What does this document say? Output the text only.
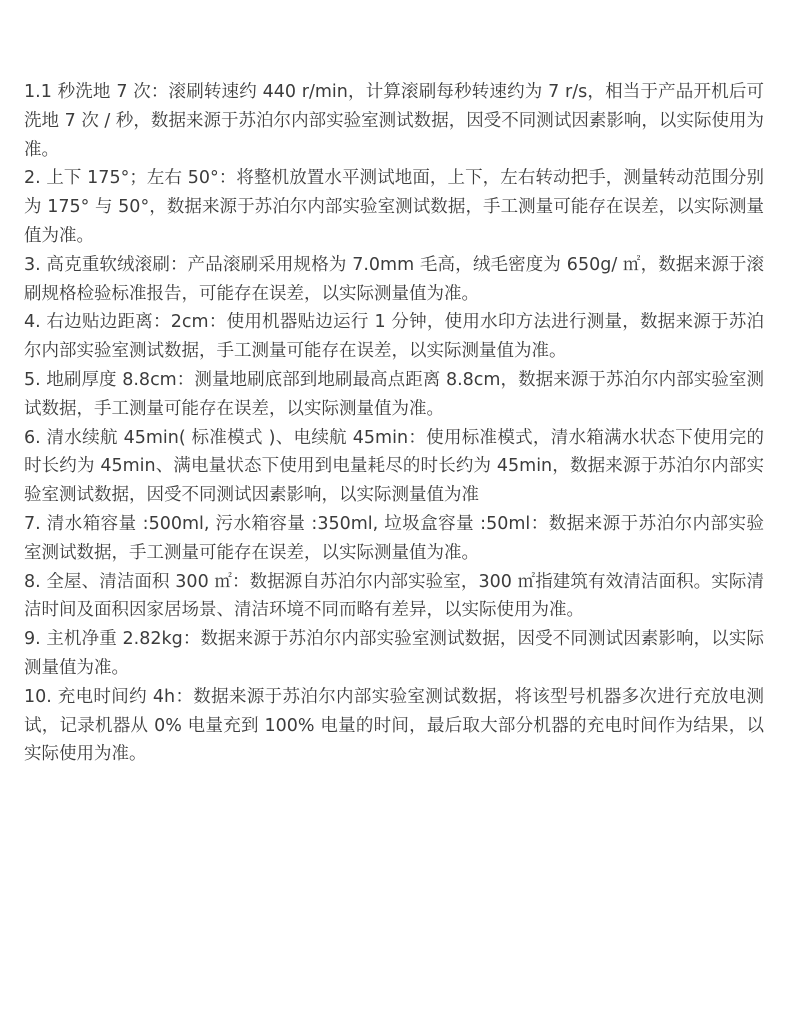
1.1 秒洗地 7 次：滚刷转速约 440 r/min，计算滚刷每秒转速约为 7 r/s，相当于产品开机后可洗地 7 次 / 秒，数据来源于苏泊尔内部实验室测试数据，因受不同测试因素影响，以实际使用为准。
2. 上下 175°；左右 50°：将整机放置水平测试地面，上下，左右转动把手，测量转动范围分别为 175° 与 50°，数据来源于苏泊尔内部实验室测试数据，手工测量可能存在误差，以实际测量值为准。
3. 高克重软绒滚刷：产品滚刷采用规格为 7.0mm 毛高，绒毛密度为 650g/ ㎡，数据来源于滚刷规格检验标准报告，可能存在误差，以实际测量值为准。
4. 右边贴边距离：2cm：使用机器贴边运行 1 分钟，使用水印方法进行测量，数据来源于苏泊尔内部实验室测试数据，手工测量可能存在误差，以实际测量值为准。
5. 地刷厚度 8.8cm：测量地刷底部到地刷最高点距离 8.8cm，数据来源于苏泊尔内部实验室测试数据，手工测量可能存在误差，以实际测量值为准。
6. 清水续航 45min( 标准模式 )、电续航 45min：使用标准模式，清水箱满水状态下使用完的时长约为 45min、满电量状态下使用到电量耗尽的时长约为 45min，数据来源于苏泊尔内部实验室测试数据，因受不同测试因素影响，以实际测量值为准
7. 清水箱容量 :500ml, 污水箱容量 :350ml, 垃圾盒容量 :50ml：数据来源于苏泊尔内部实验室测试数据，手工测量可能存在误差，以实际测量值为准。
8. 全屋、清洁面积 300 ㎡：数据源自苏泊尔内部实验室，300 ㎡指建筑有效清洁面积。实际清洁时间及面积因家居场景、清洁环境不同而略有差异，以实际使用为准。
9. 主机净重 2.82kg：数据来源于苏泊尔内部实验室测试数据，因受不同测试因素影响，以实际测量值为准。
10. 充电时间约 4h：数据来源于苏泊尔内部实验室测试数据，将该型号机器多次进行充放电测试，记录机器从 0% 电量充到 100% 电量的时间，最后取大部分机器的充电时间作为结果，以实际使用为准。
